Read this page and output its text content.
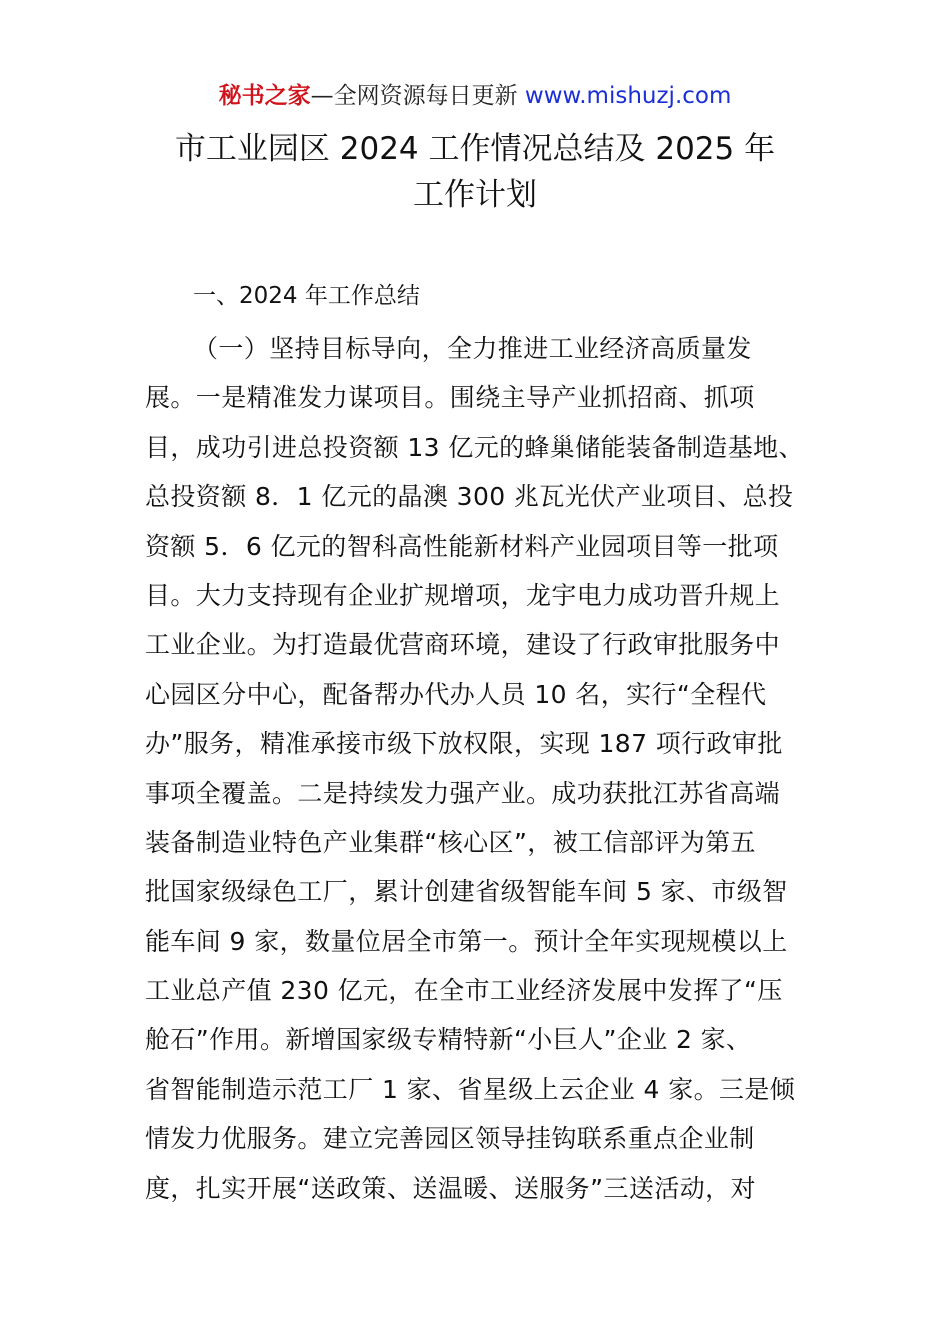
秘书之家—全网资源每日更新 www.mishuzj.com
市工业园区 2024 工作情况总结及 2025 年
工作计划
一、2024 年工作总结
（一）坚持目标导向，全力推进工业经济高质量发
展。一是精准发力谋项目。围绕主导产业抓招商、抓项
目，成功引进总投资额 13 亿元的蜂巢储能装备制造基地、
总投资额 8．1 亿元的晶澳 300 兆瓦光伏产业项目、总投
资额 5．6 亿元的智科高性能新材料产业园项目等一批项
目。大力支持现有企业扩规增项，龙宇电力成功晋升规上
工业企业。为打造最优营商环境，建设了行政审批服务中
心园区分中心，配备帮办代办人员 10 名，实行“全程代
办”服务，精准承接市级下放权限，实现 187 项行政审批
事项全覆盖。二是持续发力强产业。成功获批江苏省高端
装备制造业特色产业集群“核心区”，被工信部评为第五
批国家级绿色工厂，累计创建省级智能车间 5 家、市级智
能车间 9 家，数量位居全市第一。预计全年实现规模以上
工业总产值 230 亿元，在全市工业经济发展中发挥了“压
舱石”作用。新增国家级专精特新“小巨人”企业 2 家、
省智能制造示范工厂 1 家、省星级上云企业 4 家。三是倾
情发力优服务。建立完善园区领导挂钩联系重点企业制
度，扎实开展“送政策、送温暖、送服务”三送活动，对
